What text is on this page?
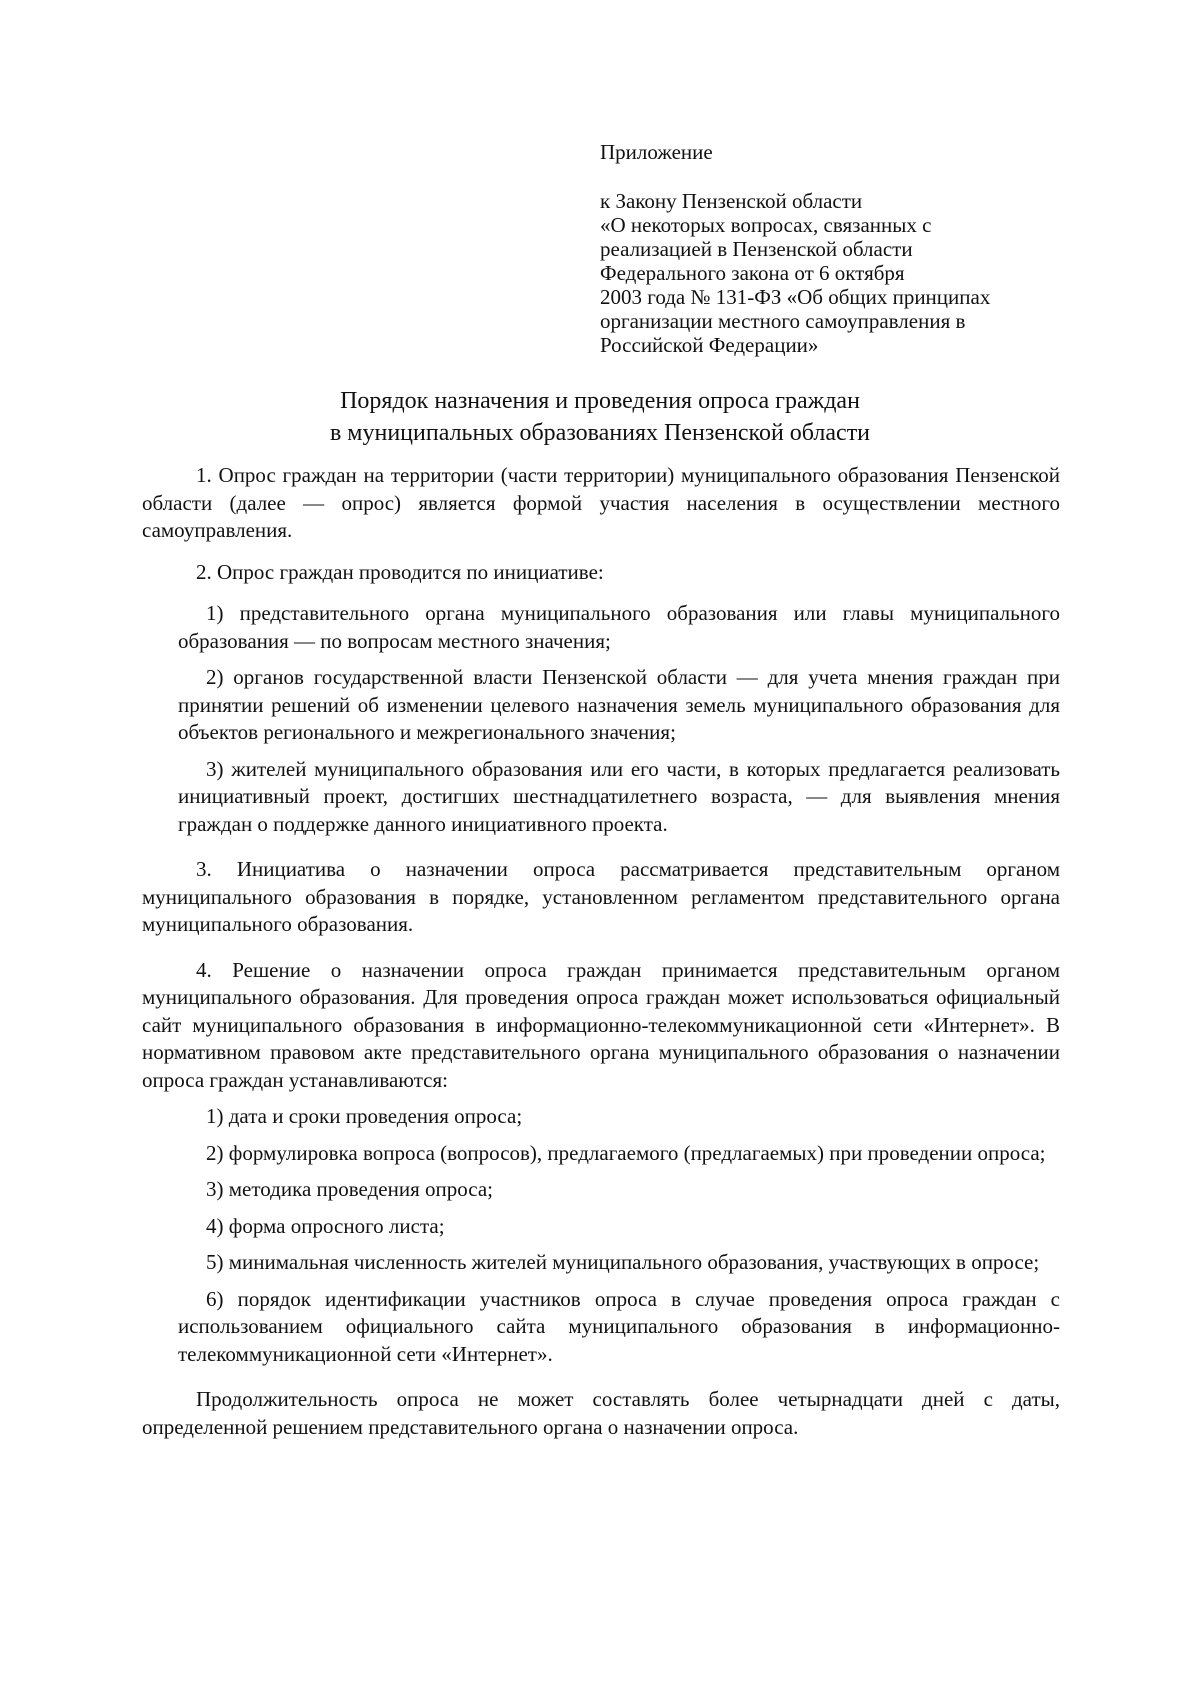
Приложение
к Закону Пензенской области
«О некоторых вопросах, связанных с
реализацией в Пензенской области
Федерального закона от 6 октября
2003 года № 131-ФЗ «Об общих принципах
организации местного самоуправления в
Российской Федерации»
Порядок назначения и проведения опроса граждан
в муниципальных образованиях Пензенской области

1. Опрос граждан на территории (части территории) муниципального образования Пензенской области (далее — опрос) является формой участия населения в осуществлении местного самоуправления.

2. Опрос граждан проводится по инициативе:

1) представительного органа муниципального образования или главы муниципального образования — по вопросам местного значения;

2) органов государственной власти Пензенской области — для учета мнения граждан при принятии решений об изменении целевого назначения земель муниципального образования для объектов регионального и межрегионального значения;

3) жителей муниципального образования или его части, в которых предлагается реализовать инициативный проект, достигших шестнадцатилетнего возраста, — для выявления мнения граждан о поддержке данного инициативного проекта.

3. Инициатива о назначении опроса рассматривается представительным органом муниципального образования в порядке, установленном регламентом представительного органа муниципального образования.

4. Решение о назначении опроса граждан принимается представительным органом муниципального образования. Для проведения опроса граждан может использоваться официальный сайт муниципального образования в информационно-телекоммуникационной сети «Интернет». В нормативном правовом акте представительного органа муниципального образования о назначении опроса граждан устанавливаются:

1) дата и сроки проведения опроса;

2) формулировка вопроса (вопросов), предлагаемого (предлагаемых) при проведении опроса;

3) методика проведения опроса;

4) форма опросного листа;

5) минимальная численность жителей муниципального образования, участвующих в опросе;

6) порядок идентификации участников опроса в случае проведения опроса граждан с использованием официального сайта муниципального образования в информационно-телекоммуникационной сети «Интернет».

Продолжительность опроса не может составлять более четырнадцати дней с даты, определенной решением представительного органа о назначении опроса.
